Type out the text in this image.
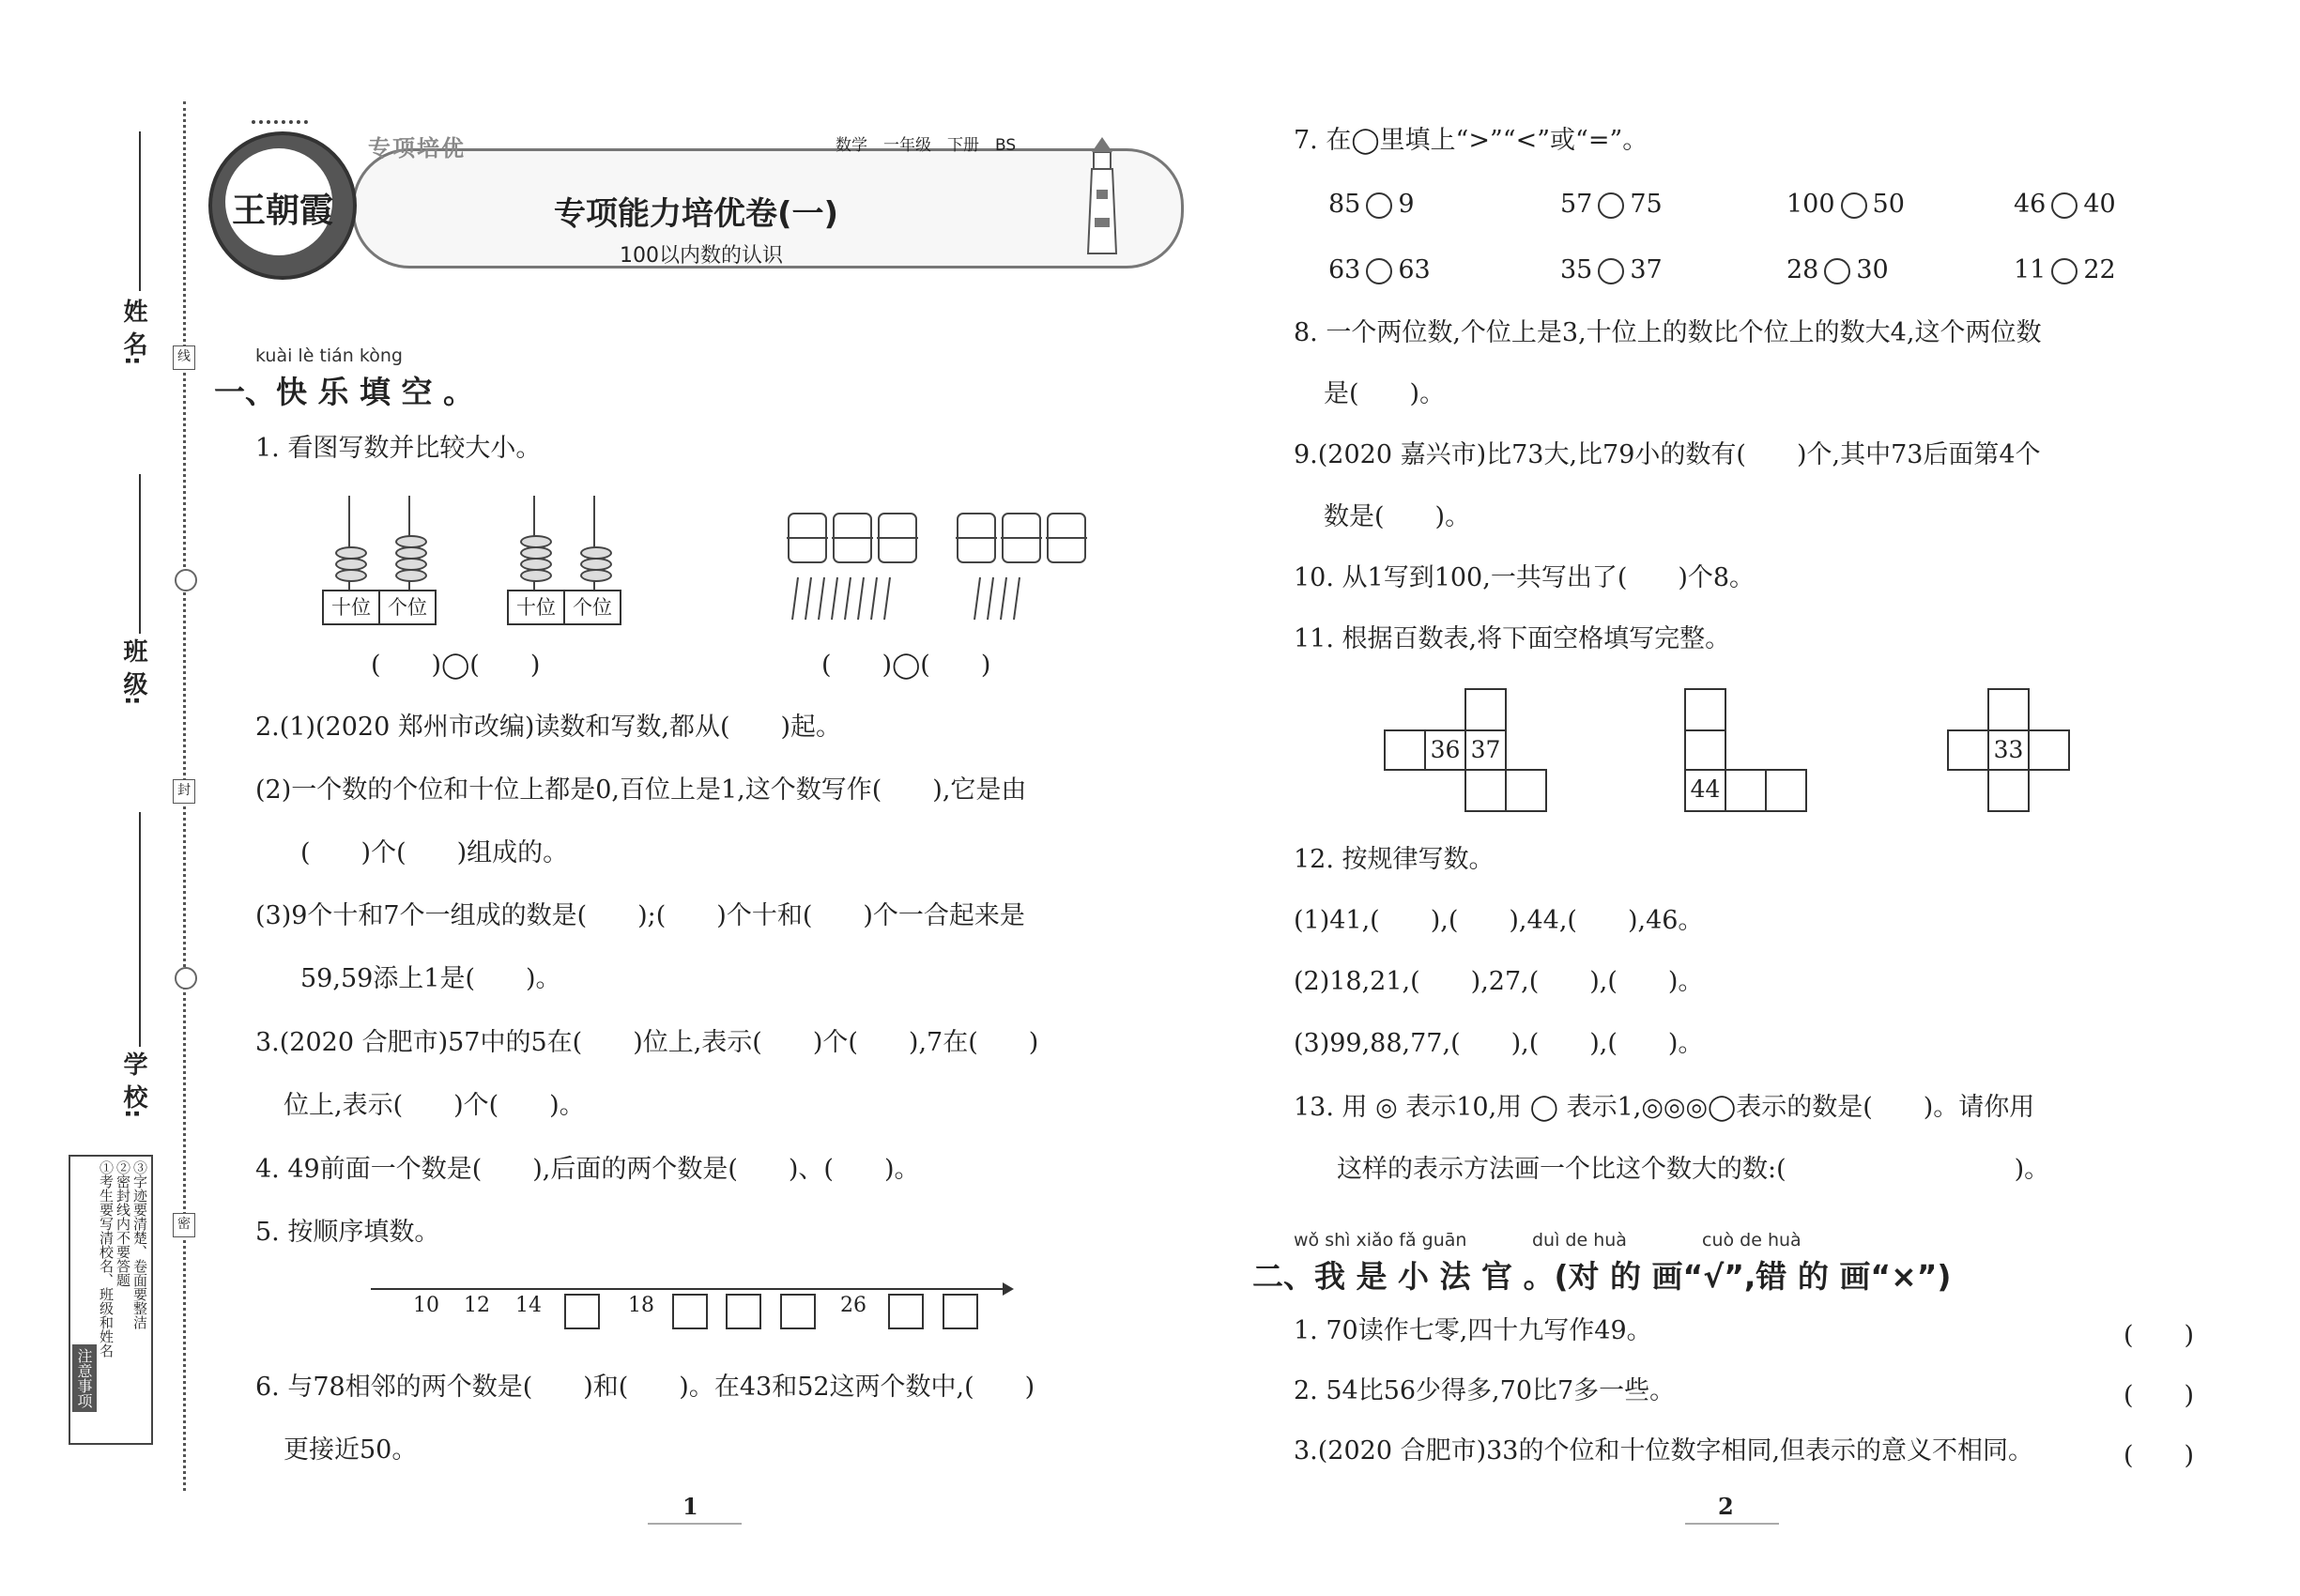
线
封
密
姓 名:
班 级:
学 校:
注意事项
①考生要写清校名、班级和姓名 ②密封线内不要答题 ③字迹要清楚、卷面要整洁
王朝霞
专项培优	数学　一年级　下册　BS
专项能力培优卷(一)
100以内数的认识
kuài lè tián kòng
一、快 乐 填 空 。
1. 看图写数并比较大小。
十位 个位	十位 个位
(　　)◯(　　)	(　　)◯(　　)
2.(1)(2020 郑州市改编)读数和写数,都从(　　)起。
(2)一个数的个位和十位上都是0,百位上是1,这个数写作(　　),它是由
(　　)个(　　)组成的。
(3)9个十和7个一组成的数是(　　);(　　)个十和(　　)个一合起来是
59,59添上1是(　　)。
3.(2020 合肥市)57中的5在(　　)位上,表示(　　)个(　　),7在(　　)
位上,表示(　　)个(　　)。
4. 49前面一个数是(　　),后面的两个数是(　　)、(　　)。
5. 按顺序填数。
10 12 14	18	26
6. 与78相邻的两个数是(　　)和(　　)。在43和52这两个数中,(　　)
更接近50。
1
7. 在◯里填上“>”“<”或“=”。
85 9	57 75	100 50	46 40
63 63	35 37	28 30	11 22
8. 一个两位数,个位上是3,十位上的数比个位上的数大4,这个两位数
是(　　)。
9.(2020 嘉兴市)比73大,比79小的数有(　　)个,其中73后面第4个
数是(　　)。
10. 从1写到100,一共写出了(　　)个8。
11. 根据百数表,将下面空格填写完整。
36 37
44
33
12. 按规律写数。
(1)41,(　　),(　　),44,(　　),46。
(2)18,21,(　　),27,(　　),(　　)。
(3)99,88,77,(　　),(　　),(　　)。
13. 用 ◎ 表示10,用 ◯ 表示1,◎◎◎◯表示的数是(　　)。请你用
这样的表示方法画一个比这个数大的数:(　　　　　　　　　)。
wǒ shì xiǎo fǎ guān	duì de huà	cuò de huà
二、我 是 小 法 官 。(对 的 画“√”,错 的 画“×”)
1. 70读作七零,四十九写作49。	(　　)
2. 54比56少得多,70比7多一些。	(　　)
3.(2020 合肥市)33的个位和十位数字相同,但表示的意义不相同。	(　　)
2
